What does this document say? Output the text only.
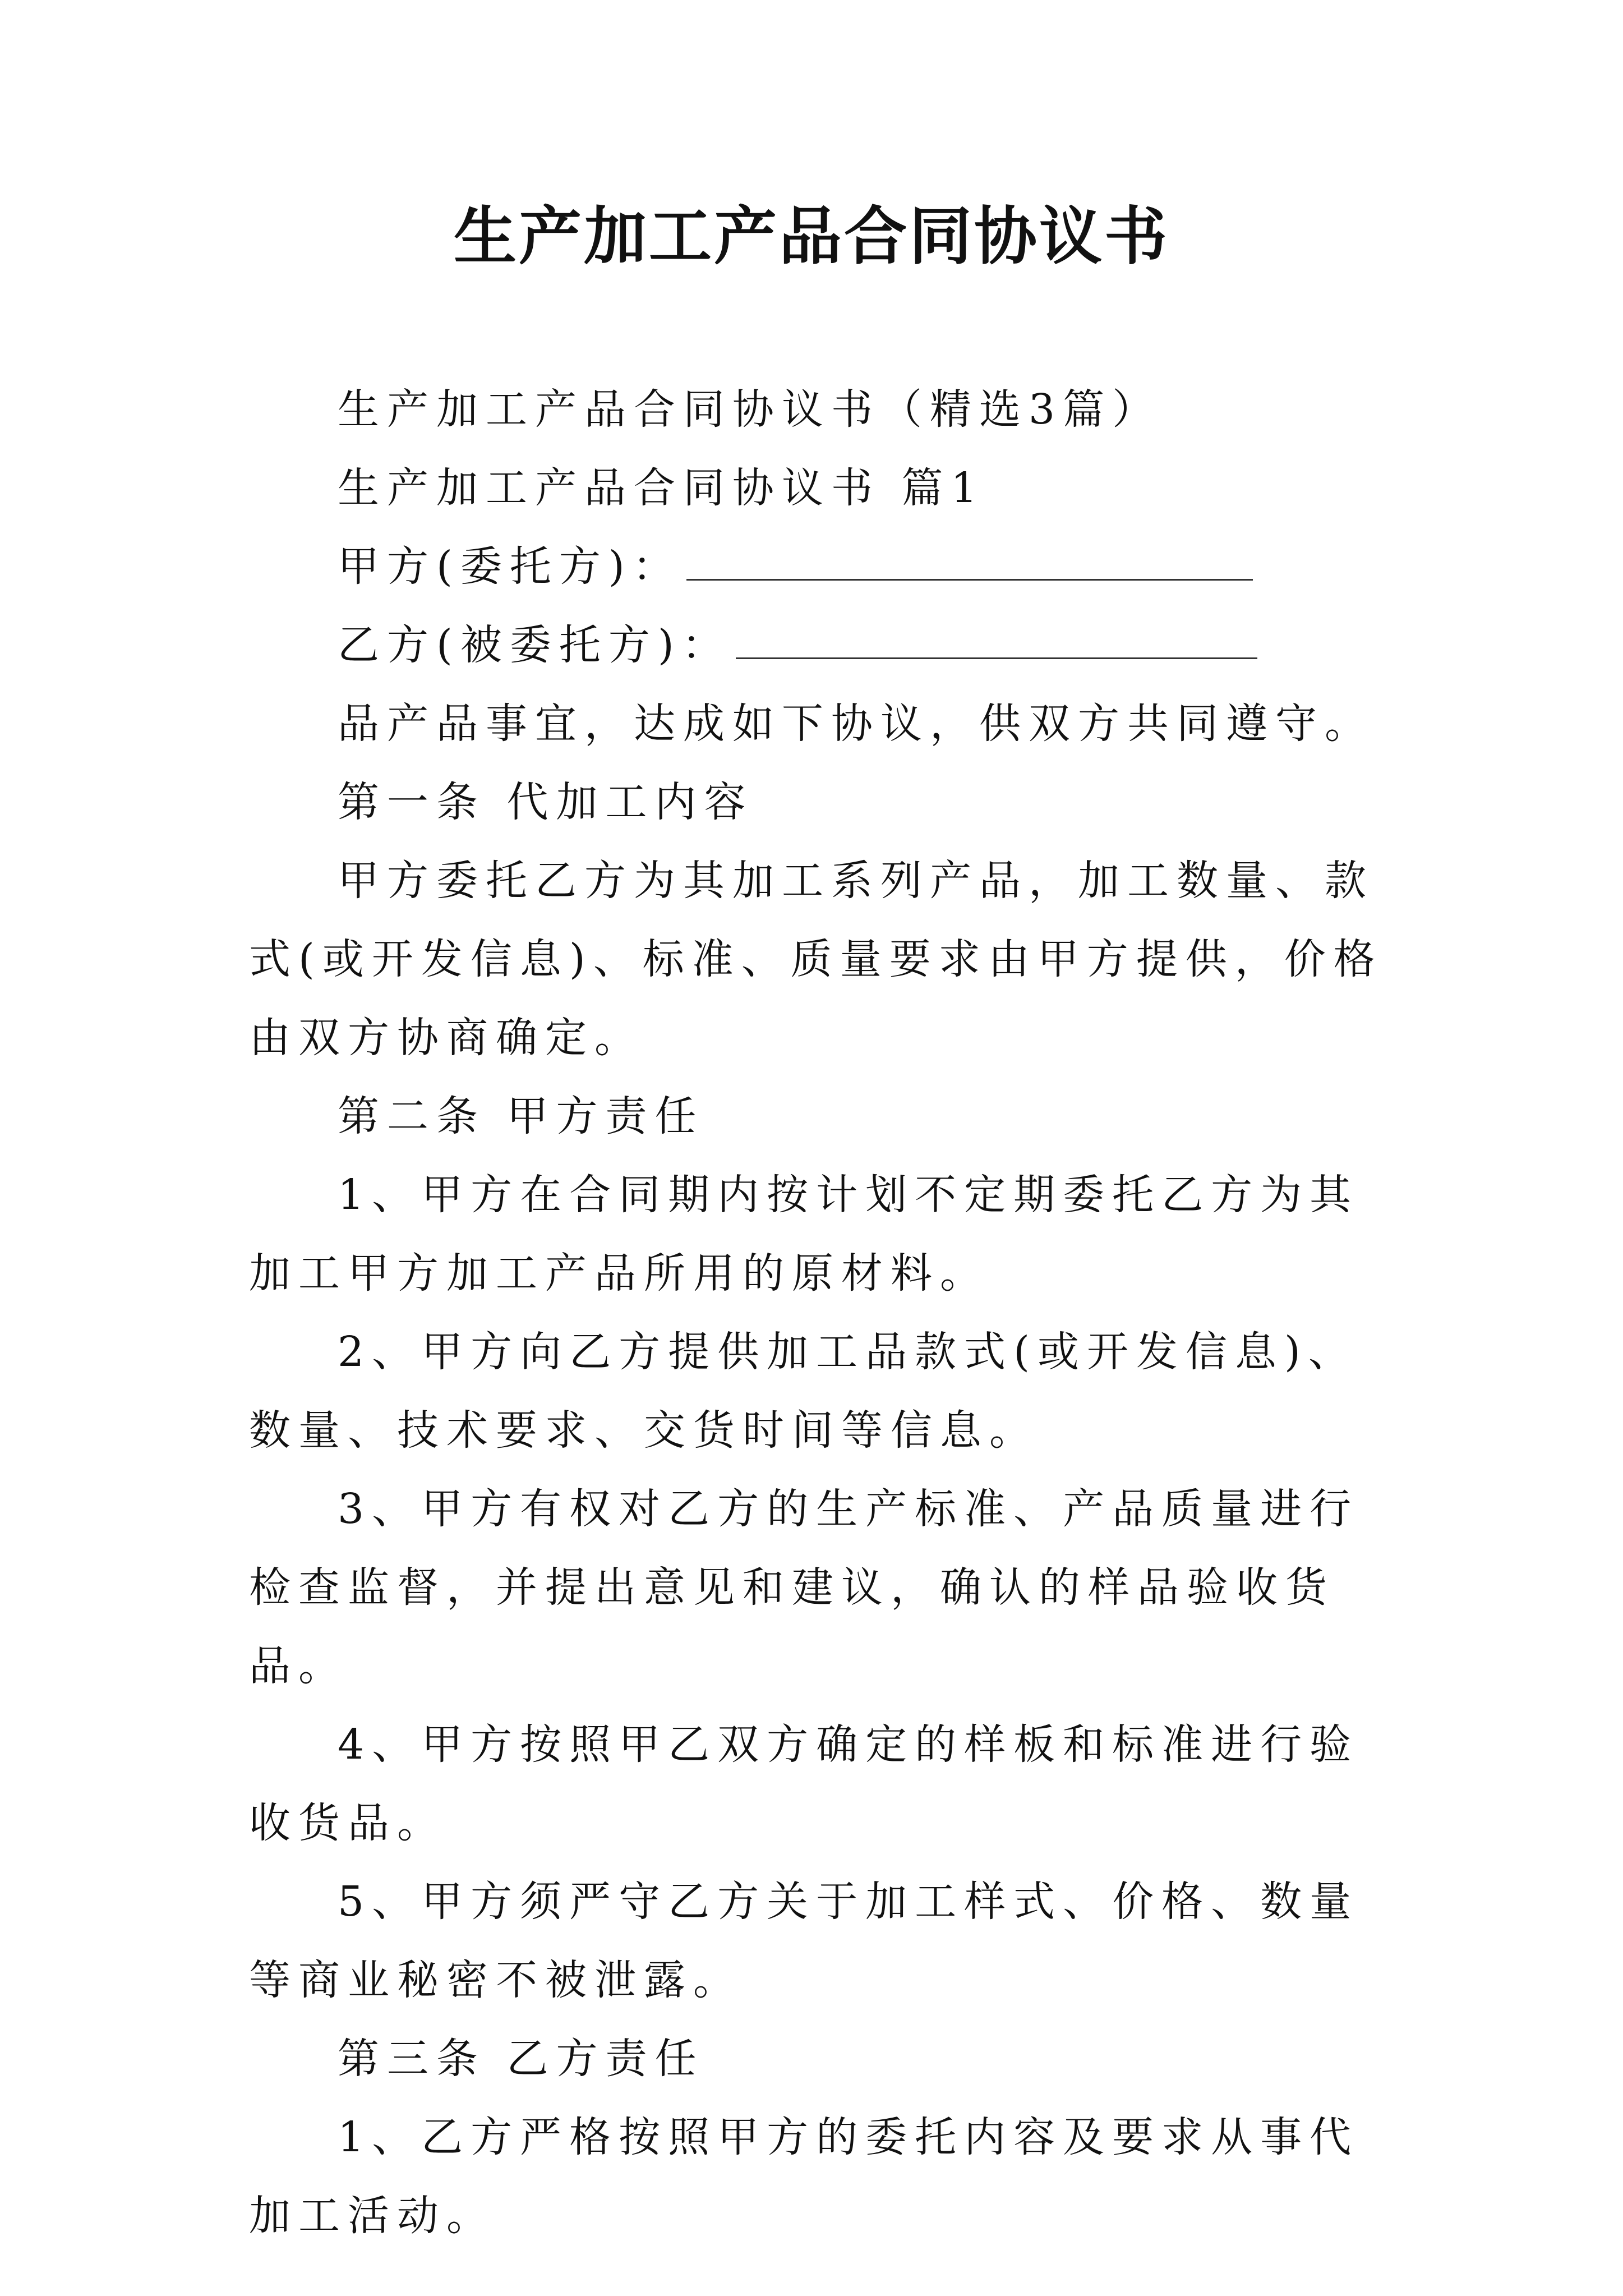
生产加工产品合同协议书

生产加工产品合同协议书（精选3篇）

生产加工产品合同协议书 篇1

甲方(委托方)：

乙方(被委托方)：

品产品事宜，达成如下协议，供双方共同遵守。

第一条 代加工内容

甲方委托乙方为其加工系列产品，加工数量、款式(或开发信息)、标准、质量要求由甲方提供，价格由双方协商确定。

第二条 甲方责任

1、甲方在合同期内按计划不定期委托乙方为其加工甲方加工产品所用的原材料。

2、甲方向乙方提供加工品款式(或开发信息)、数量、技术要求、交货时间等信息。

3、甲方有权对乙方的生产标准、产品质量进行检查监督，并提出意见和建议，确认的样品验收货品。

4、甲方按照甲乙双方确定的样板和标准进行验收货品。

5、甲方须严守乙方关于加工样式、价格、数量等商业秘密不被泄露。

第三条 乙方责任

1、乙方严格按照甲方的委托内容及要求从事代加工活动。
